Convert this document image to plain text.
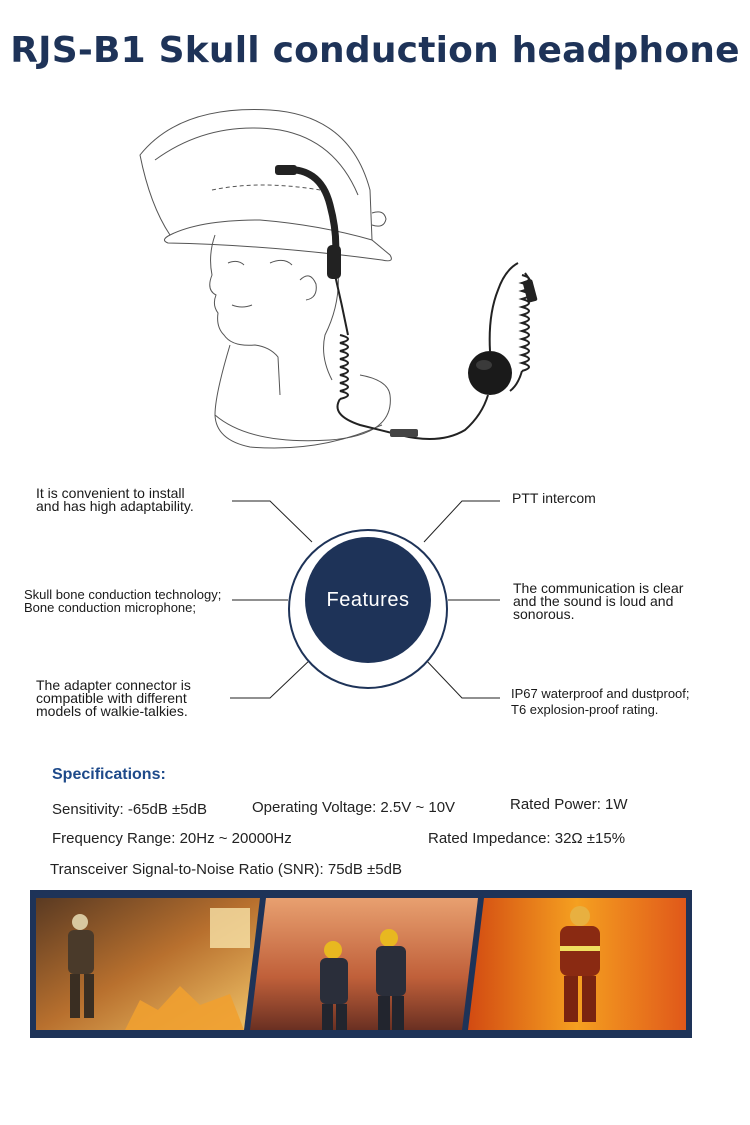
RJS-B1 Skull conduction headphone
Features
It is convenient to install
and has high adaptability.
Skull bone conduction technology;
Bone conduction microphone;
The adapter connector is
compatible with different
models of walkie-talkies.
PTT intercom
The communication is clear
and the sound is loud and
sonorous.
IP67 waterproof and dustproof;
T6 explosion-proof rating.
Specifications:
Sensitivity: -65dB ±5dB	Operating Voltage: 2.5V ~ 10V	Rated Power: 1W
Frequency Range: 20Hz ~ 20000Hz	Rated Impedance: 32Ω ±15%
Transceiver Signal-to-Noise Ratio (SNR): 75dB ±5dB
